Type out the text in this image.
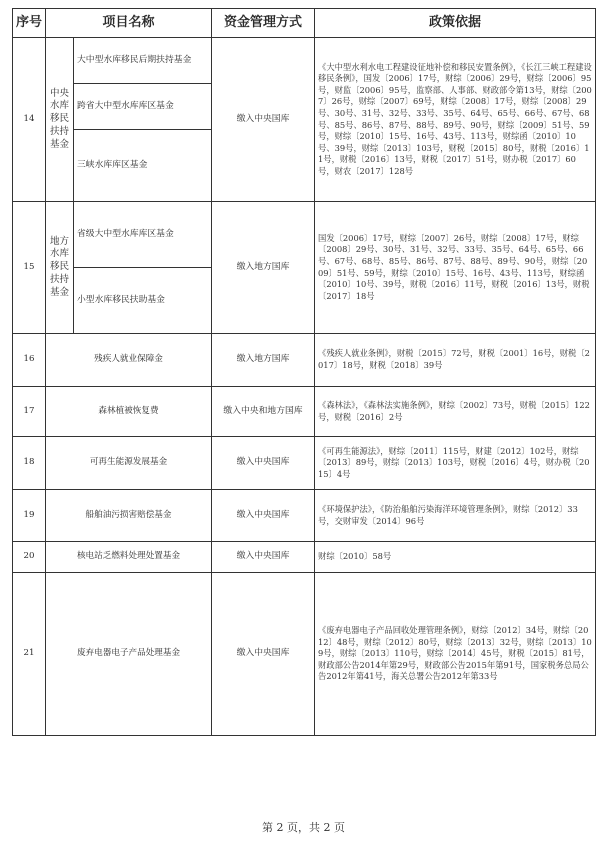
序号	项目名称		资金管理方式	政策依据
14	中央水库移民扶持基金	大中型水库移民后期扶持基金	缴入中央国库	《大中型水利水电工程建设征地补偿和移民安置条例》，《长江三峡工程建设移民条例》，国发〔2006〕17号，财综〔2006〕29号，财综〔2006〕95号，财监〔2006〕95号，监察部、人事部、财政部令第13号，财综〔2007〕26号，财综〔2007〕69号，财综〔2008〕17号，财综〔2008〕29号、30号、31号、32号、33号、35号、64号、65号、66号、67号、68号、85号、86号、87号、88号、89号、90号，财综〔2009〕51号、59号，财综〔2010〕15号、16号、43号、113号，财综函〔2010〕10号、39号，财综〔2013〕103号，财税〔2015〕80号，财税〔2016〕11号，财税〔2016〕13号，财税〔2017〕51号，财办税〔2017〕60号，财农〔2017〕128号
		跨省大中型水库库区基金		
		三峡水库库区基金		
15	地方水库移民扶持基金	省级大中型水库库区基金	缴入地方国库	国发〔2006〕17号，财综〔2007〕26号，财综〔2008〕17号，财综〔2008〕29号、30号、31号、32号、33号、35号、64号、65号、66号、67号、68号、85号、86号、87号、88号、89号、90号，财综〔2009〕51号、59号，财综〔2010〕15号、16号、43号、113号，财综函〔2010〕10号、39号，财税〔2016〕11号，财税〔2016〕13号，财税〔2017〕18号
		小型水库移民扶助基金		
16	残疾人就业保障金		缴入地方国库	《残疾人就业条例》，财税〔2015〕72号，财税〔2001〕16号，财税〔2017〕18号，财税〔2018〕39号
17	森林植被恢复费		缴入中央和地方国库	《森林法》，《森林法实施条例》，财综〔2002〕73号，财税〔2015〕122号，财税〔2016〕2号
18	可再生能源发展基金		缴入中央国库	《可再生能源法》，财综〔2011〕115号，财建〔2012〕102号，财综〔2013〕89号，财综〔2013〕103号，财税〔2016〕4号，财办税〔2015〕4号
19	船舶油污损害赔偿基金		缴入中央国库	《环境保护法》，《防治船舶污染海洋环境管理条例》，财综〔2012〕33号，交财审发〔2014〕96号
20	核电站乏燃料处理处置基金		缴入中央国库	财综〔2010〕58号
21	废弃电器电子产品处理基金		缴入中央国库	《废弃电器电子产品回收处理管理条例》，财综〔2012〕34号，财综〔2012〕48号，财综〔2012〕80号，财综〔2013〕32号，财综〔2013〕109号，财综〔2013〕110号，财综〔2014〕45号，财税〔2015〕81号，财政部公告2014年第29号，财政部公告2015年第91号，国家税务总局公告2012年第41号，海关总署公告2012年第33号
第 2 页，共 2 页
